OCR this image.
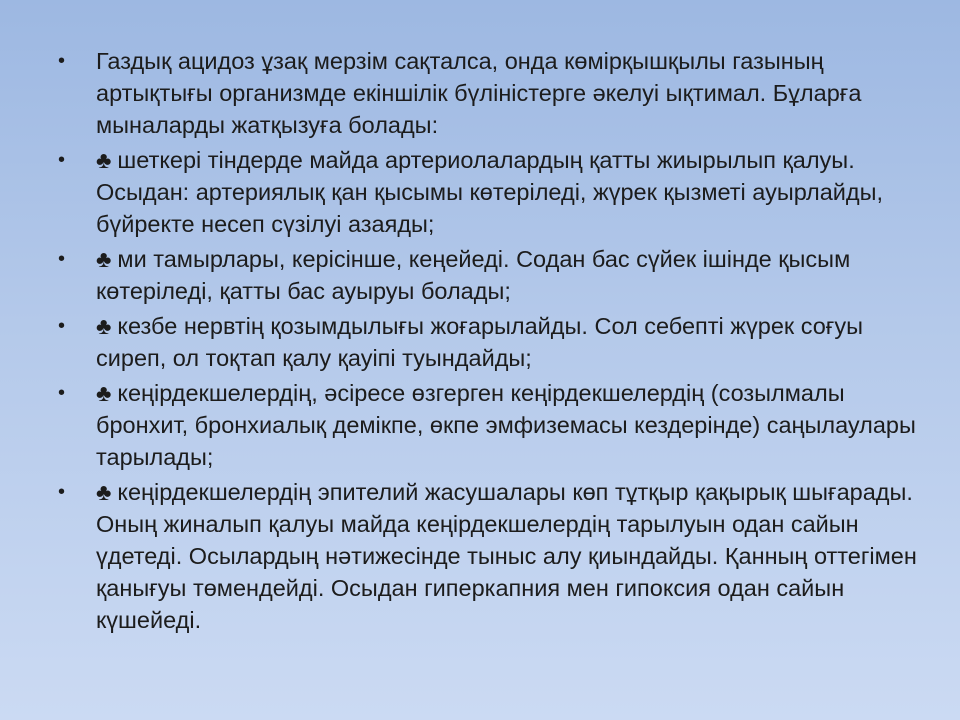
• Газдық ацидоз ұзақ мерзім сақталса, онда көмірқышқылы газының артықтығы организмде екіншілік бүліністерге әкелуі ықтимал. Бұларға мыналарды жатқызуға болады:
• ♣ шеткері тіндерде майда артериолалардың қатты жиырылып қалуы. Осыдан: артериялық қан қысымы көтеріледі, жүрек қызметі ауырлайды, бүйректе несеп сүзілуі азаяды;
• ♣ ми тамырлары, керісінше, кеңейеді. Содан бас сүйек ішінде қысым көтеріледі, қатты бас ауыруы болады;
• ♣ кезбе нервтің қозымдылығы жоғарылайды. Сол себепті жүрек соғуы сиреп, ол тоқтап қалу қауіпі туындайды;
• ♣ кеңірдекшелердің, әсіресе өзгерген кеңірдекшелердің (созылмалы бронхит, бронхиалық демікпе, өкпе эмфиземасы кездерінде) саңылаулары тарылады;
• ♣ кеңірдекшелердің эпителий жасушалары көп тұтқыр қақырық шығарады. Оның жиналып қалуы майда кеңірдекшелердің тарылуын одан сайын үдетеді. Осылардың нәтижесінде тыныс алу қиындайды. Қанның оттегімен қанығуы төмендейді. Осыдан гиперкапния мен гипоксия одан сайын күшейеді.
